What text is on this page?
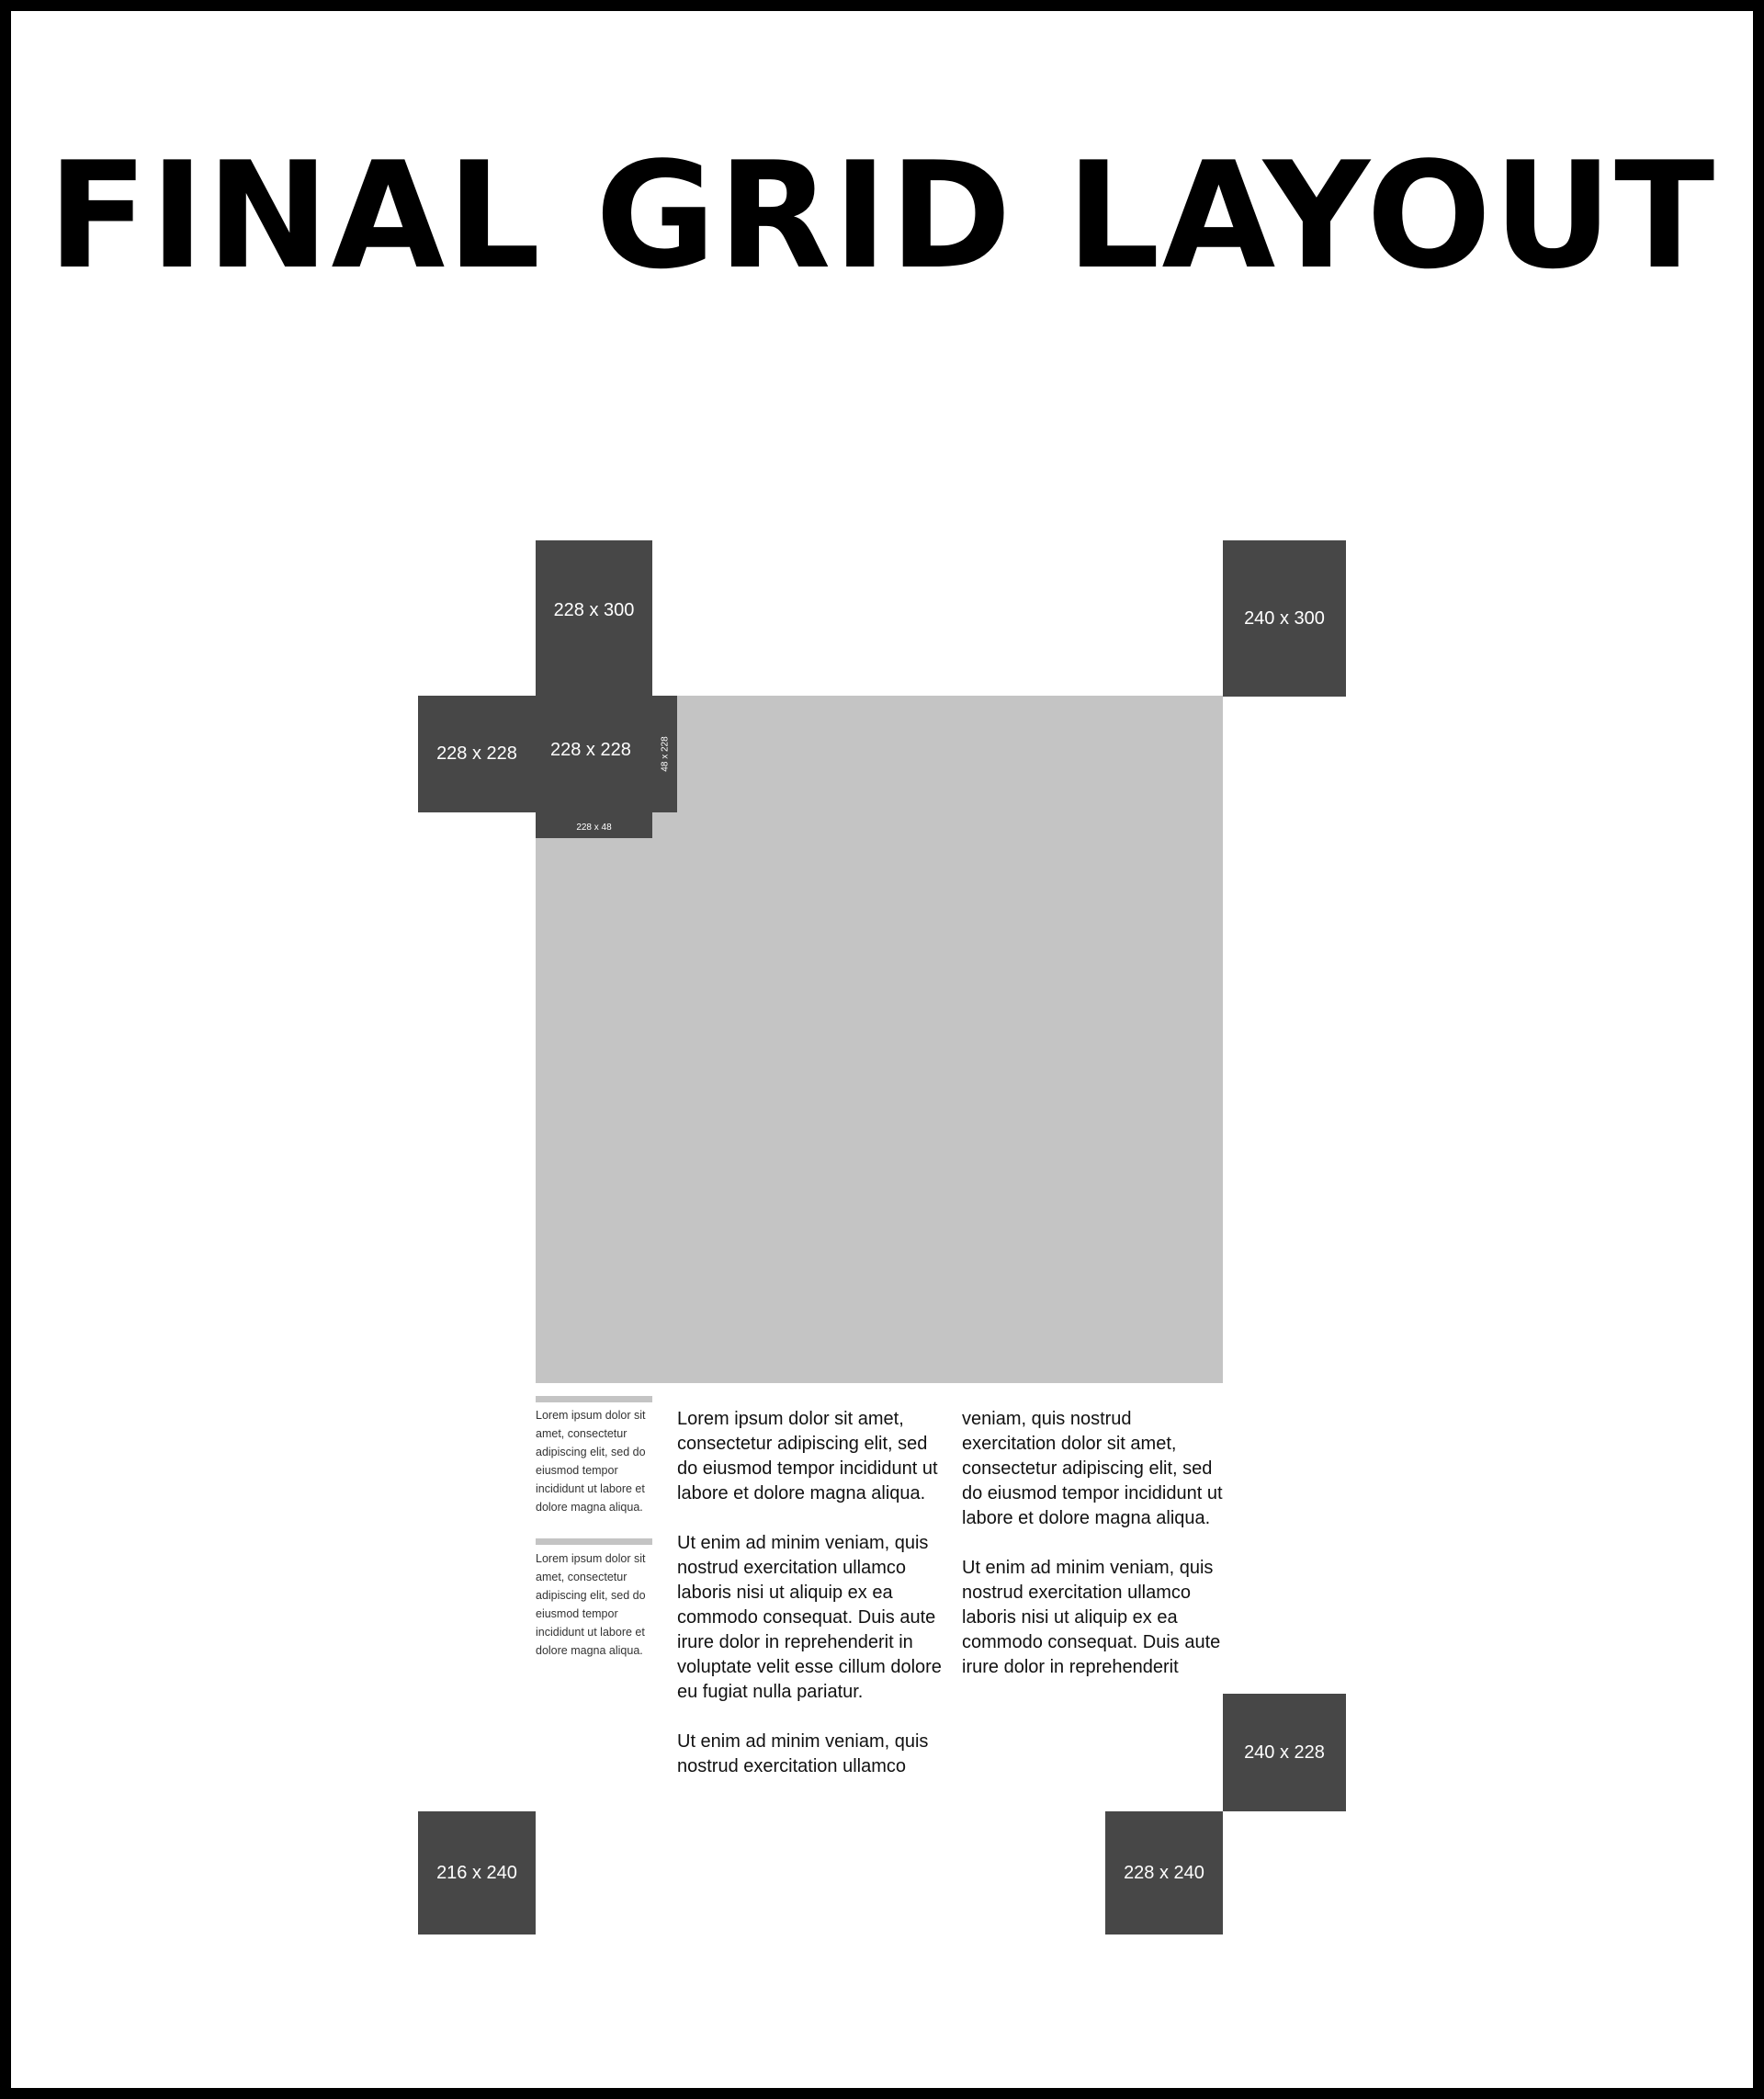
FINAL GRID LAYOUT
228 x 300	240 x 300
228 x 228
228 x 48
228 x 228	48 x 228

Lorem ipsum dolor sit amet, consectetur adipiscing elit, sed do eiusmod tempor incididunt ut labore et dolore magna aliqua.

Lorem ipsum dolor sit amet, consectetur adipiscing elit, sed do eiusmod tempor incididunt ut labore et dolore magna aliqua.

Lorem ipsum dolor sit amet, consectetur adipiscing elit, sed do eiusmod tempor incididunt ut labore et dolore magna aliqua.

Ut enim ad minim veniam, quis nostrud exercitation ullamco laboris nisi ut aliquip ex ea commodo consequat. Duis aute irure dolor in reprehenderit in voluptate velit esse cillum dolore eu fugiat nulla pariatur.

Ut enim ad minim veniam, quis nostrud exercitation ullamco

veniam, quis nostrud exercitation dolor sit amet, consectetur adipiscing elit, sed do eiusmod tempor incididunt ut labore et dolore magna aliqua.

Ut enim ad minim veniam, quis nostrud exercitation ullamco laboris nisi ut aliquip ex ea commodo consequat. Duis aute irure dolor in reprehenderit

240 x 228
216 x 240	228 x 240
